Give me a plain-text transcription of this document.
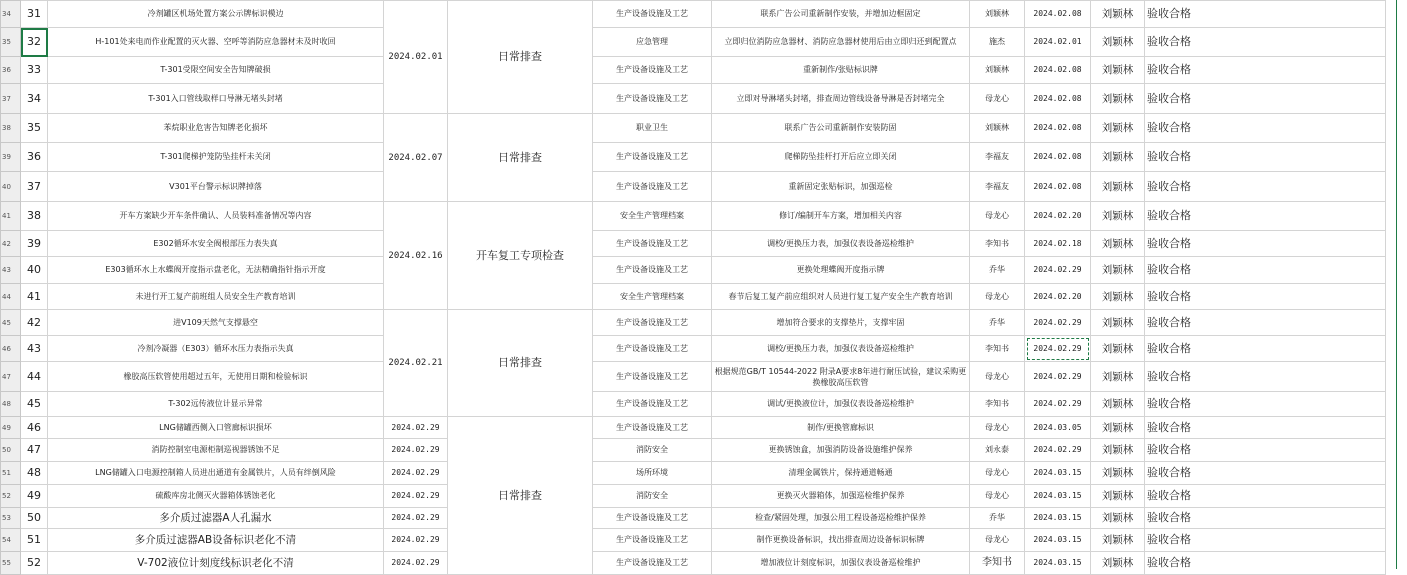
34	31	冷剂罐区机场处置方案公示牌标识模边	2024.02.01	日常排查	生产设备设施及工艺	联系广告公司重新制作安装，并增加边框固定	刘颖林	2024.02.08	刘颖林	验收合格
35	32	H-101处来电而作业配置的灭火器、空呼等消防应急器材未及时收回			应急管理	立即归位消防应急器材、消防应急器材使用后由立即归还到配置点	施杰	2024.02.01	刘颖林	验收合格
36	33	T-301受限空间安全告知牌破损			生产设备设施及工艺	重新制作/张贴标识牌	刘颖林	2024.02.08	刘颖林	验收合格
37	34	T-301入口管线取样口导淋无堵头封堵			生产设备设施及工艺	立即对导淋堵头封堵，排查周边管线设备导淋是否封堵完全	母龙心	2024.02.08	刘颖林	验收合格
38	35	苯烷职业危害告知牌老化损坏	2024.02.07	日常排查	职业卫生	联系广告公司重新制作安装防固	刘颖林	2024.02.08	刘颖林	验收合格
39	36	T-301爬梯护笼防坠挂杆未关闭			生产设备设施及工艺	爬梯防坠挂杆打开后应立即关闭	李福友	2024.02.08	刘颖林	验收合格
40	37	V301平台警示标识牌掉落			生产设备设施及工艺	重新固定张贴标识，加强巡检	李福友	2024.02.08	刘颖林	验收合格
41	38	开车方案缺少开车条件确认、人员装料准备情况等内容	2024.02.16	开车复工专项检查	安全生产管理档案	修订/编制开车方案，增加相关内容	母龙心	2024.02.20	刘颖林	验收合格
42	39	E302循环水安全阀根部压力表失真			生产设备设施及工艺	调校/更换压力表，加强仪表设备巡检维护	李知书	2024.02.18	刘颖林	验收合格
43	40	E303循环水上水蝶阀开度指示盘老化，无法精确指针指示开度			生产设备设施及工艺	更换处理蝶阀开度指示牌	乔华	2024.02.29	刘颖林	验收合格
44	41	未进行开工复产前班组人员安全生产教育培训			安全生产管理档案	春节后复工复产前应组织对人员进行复工复产安全生产教育培训	母龙心	2024.02.20	刘颖林	验收合格
45	42	进V109天然气支撑悬空	2024.02.21	日常排查	生产设备设施及工艺	增加符合要求的支撑垫片，支撑牢固	乔华	2024.02.29	刘颖林	验收合格
46	43	冷剂冷凝器（E303）循环水压力表指示失真			生产设备设施及工艺	调校/更换压力表，加强仪表设备巡检维护	李知书	2024.02.29	刘颖林	验收合格
47	44	橡胶高压软管使用超过五年，无使用日期和检验标识			生产设备设施及工艺	根据规范GB/T 10544-2022 附录A要求8年进行耐压试验，建议采购更换橡胶高压软管	母龙心	2024.02.29	刘颖林	验收合格
48	45	T-302远传液位计显示异常			生产设备设施及工艺	调试/更换液位计，加强仪表设备巡检维护	李知书	2024.02.29	刘颖林	验收合格
49	46	LNG储罐西侧入口管廊标识损坏	2024.02.29	日常排查	生产设备设施及工艺	制作/更换管廊标识	母龙心	2024.03.05	刘颖林	验收合格
50	47	消防控制室电源柜制巡视器锈蚀不足	2024.02.29		消防安全	更换锈蚀盒，加强消防设备设施维护保养	刘永泰	2024.02.29	刘颖林	验收合格
51	48	LNG储罐入口电源控制箱人员进出通道有金属铁片，人员有绊倒风险	2024.02.29		场所环境	清理金属铁片，保持通道畅通	母龙心	2024.03.15	刘颖林	验收合格
52	49	硫酸库房北侧灭火器箱体锈蚀老化	2024.02.29		消防安全	更换灭火器箱体，加强巡检维护保养	母龙心	2024.03.15	刘颖林	验收合格
53	50	多介质过滤器A人孔漏水	2024.02.29		生产设备设施及工艺	检查/紧固处理，加强公用工程设备巡检维护保养	乔华	2024.03.15	刘颖林	验收合格
54	51	多介质过滤器AB设备标识老化不清	2024.02.29		生产设备设施及工艺	制作更换设备标识，找出排查周边设备标识标牌	母龙心	2024.03.15	刘颖林	验收合格
55	52	V-702液位计刻度线标识老化不清	2024.02.29		生产设备设施及工艺	增加液位计刻度标识，加强仪表设备巡检维护	李知书	2024.03.15	刘颖林	验收合格
